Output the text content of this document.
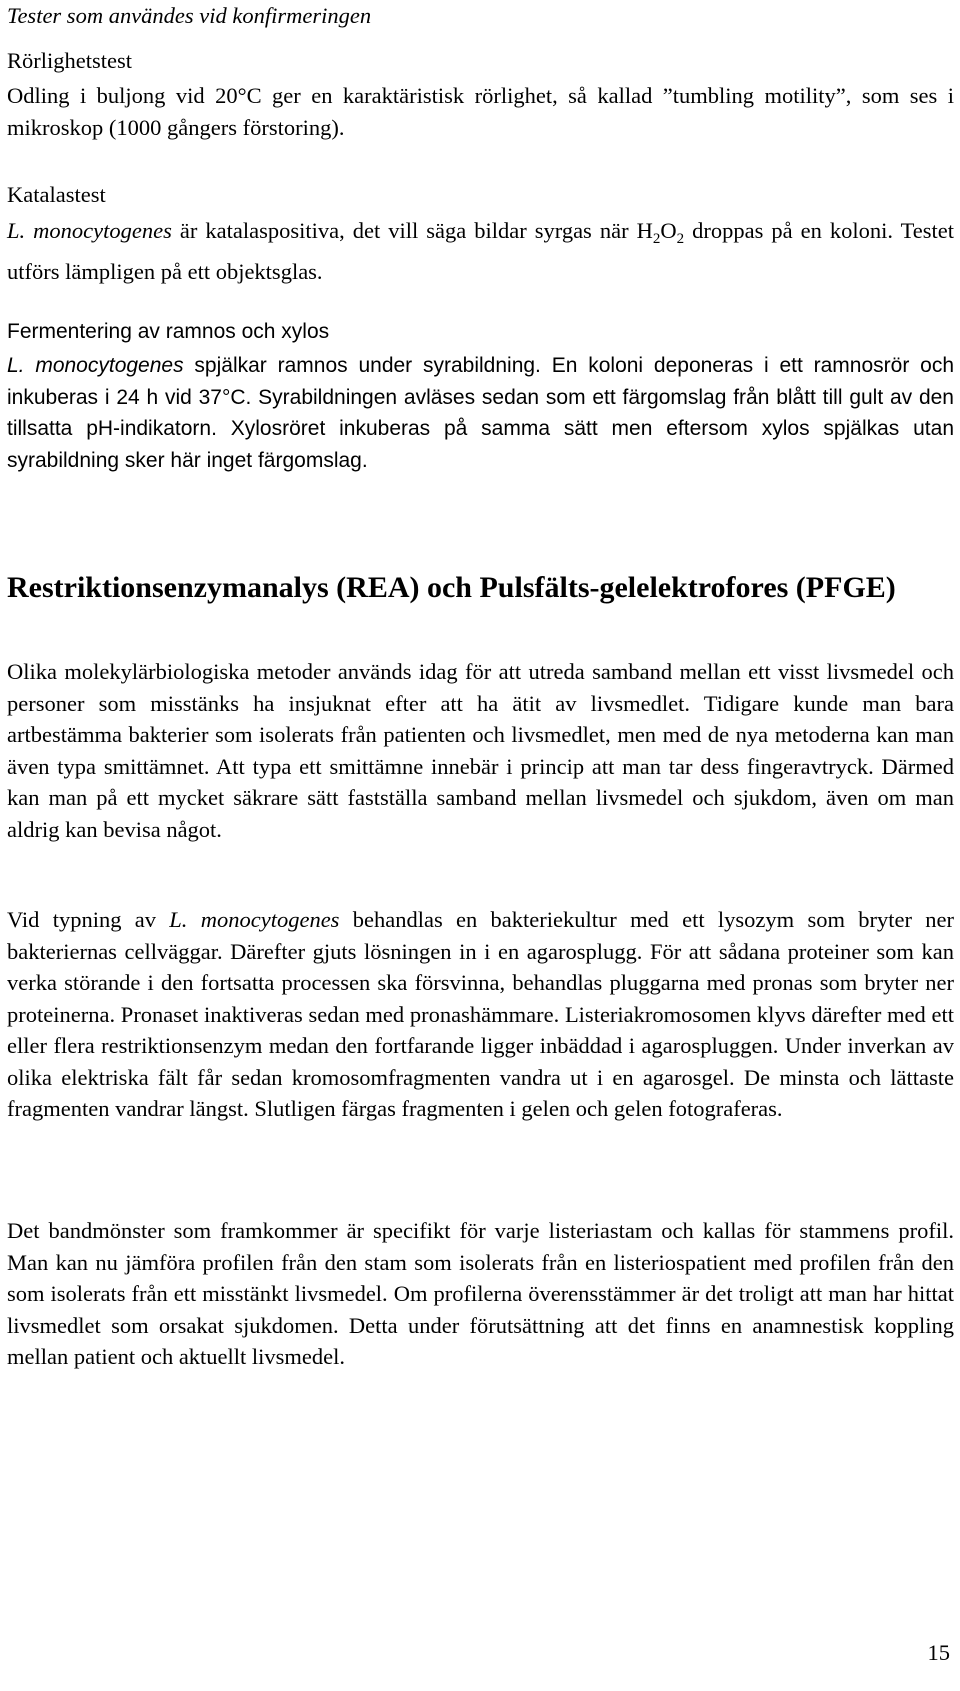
Tester som användes vid konfirmeringen
Rörlighetstest

Odling i buljong vid 20°C ger en karaktäristisk rörlighet, så kallad ”tumbling motility”, som ses i mikroskop (1000 gångers förstoring).

Katalastest

L. monocytogenes är katalaspositiva, det vill säga bildar syrgas när $H_2O_2$ droppas på en koloni. Testet utförs lämpligen på ett objektsglas.

Fermentering av ramnos och xylos

L. monocytogenes spjälkar ramnos under syrabildning. En koloni deponeras i ett ramnosrör och inkuberas i 24 h vid 37°C. Syrabildningen avläses sedan som ett färgomslag från blått till gult av den tillsatta pH-indikatorn. Xylosröret inkuberas på samma sätt men eftersom xylos spjälkas utan syrabildning sker här inget färgomslag.

Restriktionsenzymanalys (REA) och Pulsfälts-gelelektrofores (PFGE)

Olika molekylärbiologiska metoder används idag för att utreda samband mellan ett visst livsmedel och personer som misstänks ha insjuknat efter att ha ätit av livsmedlet. Tidigare kunde man bara artbestämma bakterier som isolerats från patienten och livsmedlet, men med de nya metoderna kan man även typa smittämnet. Att typa ett smittämne innebär i princip att man tar dess fingeravtryck. Därmed kan man på ett mycket säkrare sätt fastställa samband mellan livsmedel och sjukdom, även om man aldrig kan bevisa något.

Vid typning av L. monocytogenes behandlas en bakteriekultur med ett lysozym som bryter ner bakteriernas cellväggar. Därefter gjuts lösningen in i en agarosplugg. För att sådana proteiner som kan verka störande i den fortsatta processen ska försvinna, behandlas pluggarna med pronas som bryter ner proteinerna. Pronaset inaktiveras sedan med pronashämmare. Listeriakromosomen klyvs därefter med ett eller flera restriktionsenzym medan den fortfarande ligger inbäddad i agarospluggen. Under inverkan av olika elektriska fält får sedan kromosomfragmenten vandra ut i en agarosgel. De minsta och lättaste fragmenten vandrar längst. Slutligen färgas fragmenten i gelen och gelen fotograferas.

Det bandmönster som framkommer är specifikt för varje listeriastam och kallas för stammens profil. Man kan nu jämföra profilen från den stam som isolerats från en listeriospatient med profilen från den som isolerats från ett misstänkt livsmedel. Om profilerna överensstämmer är det troligt att man har hittat livsmedlet som orsakat sjukdomen. Detta under förutsättning att det finns en anamnestisk koppling mellan patient och aktuellt livsmedel.

15
